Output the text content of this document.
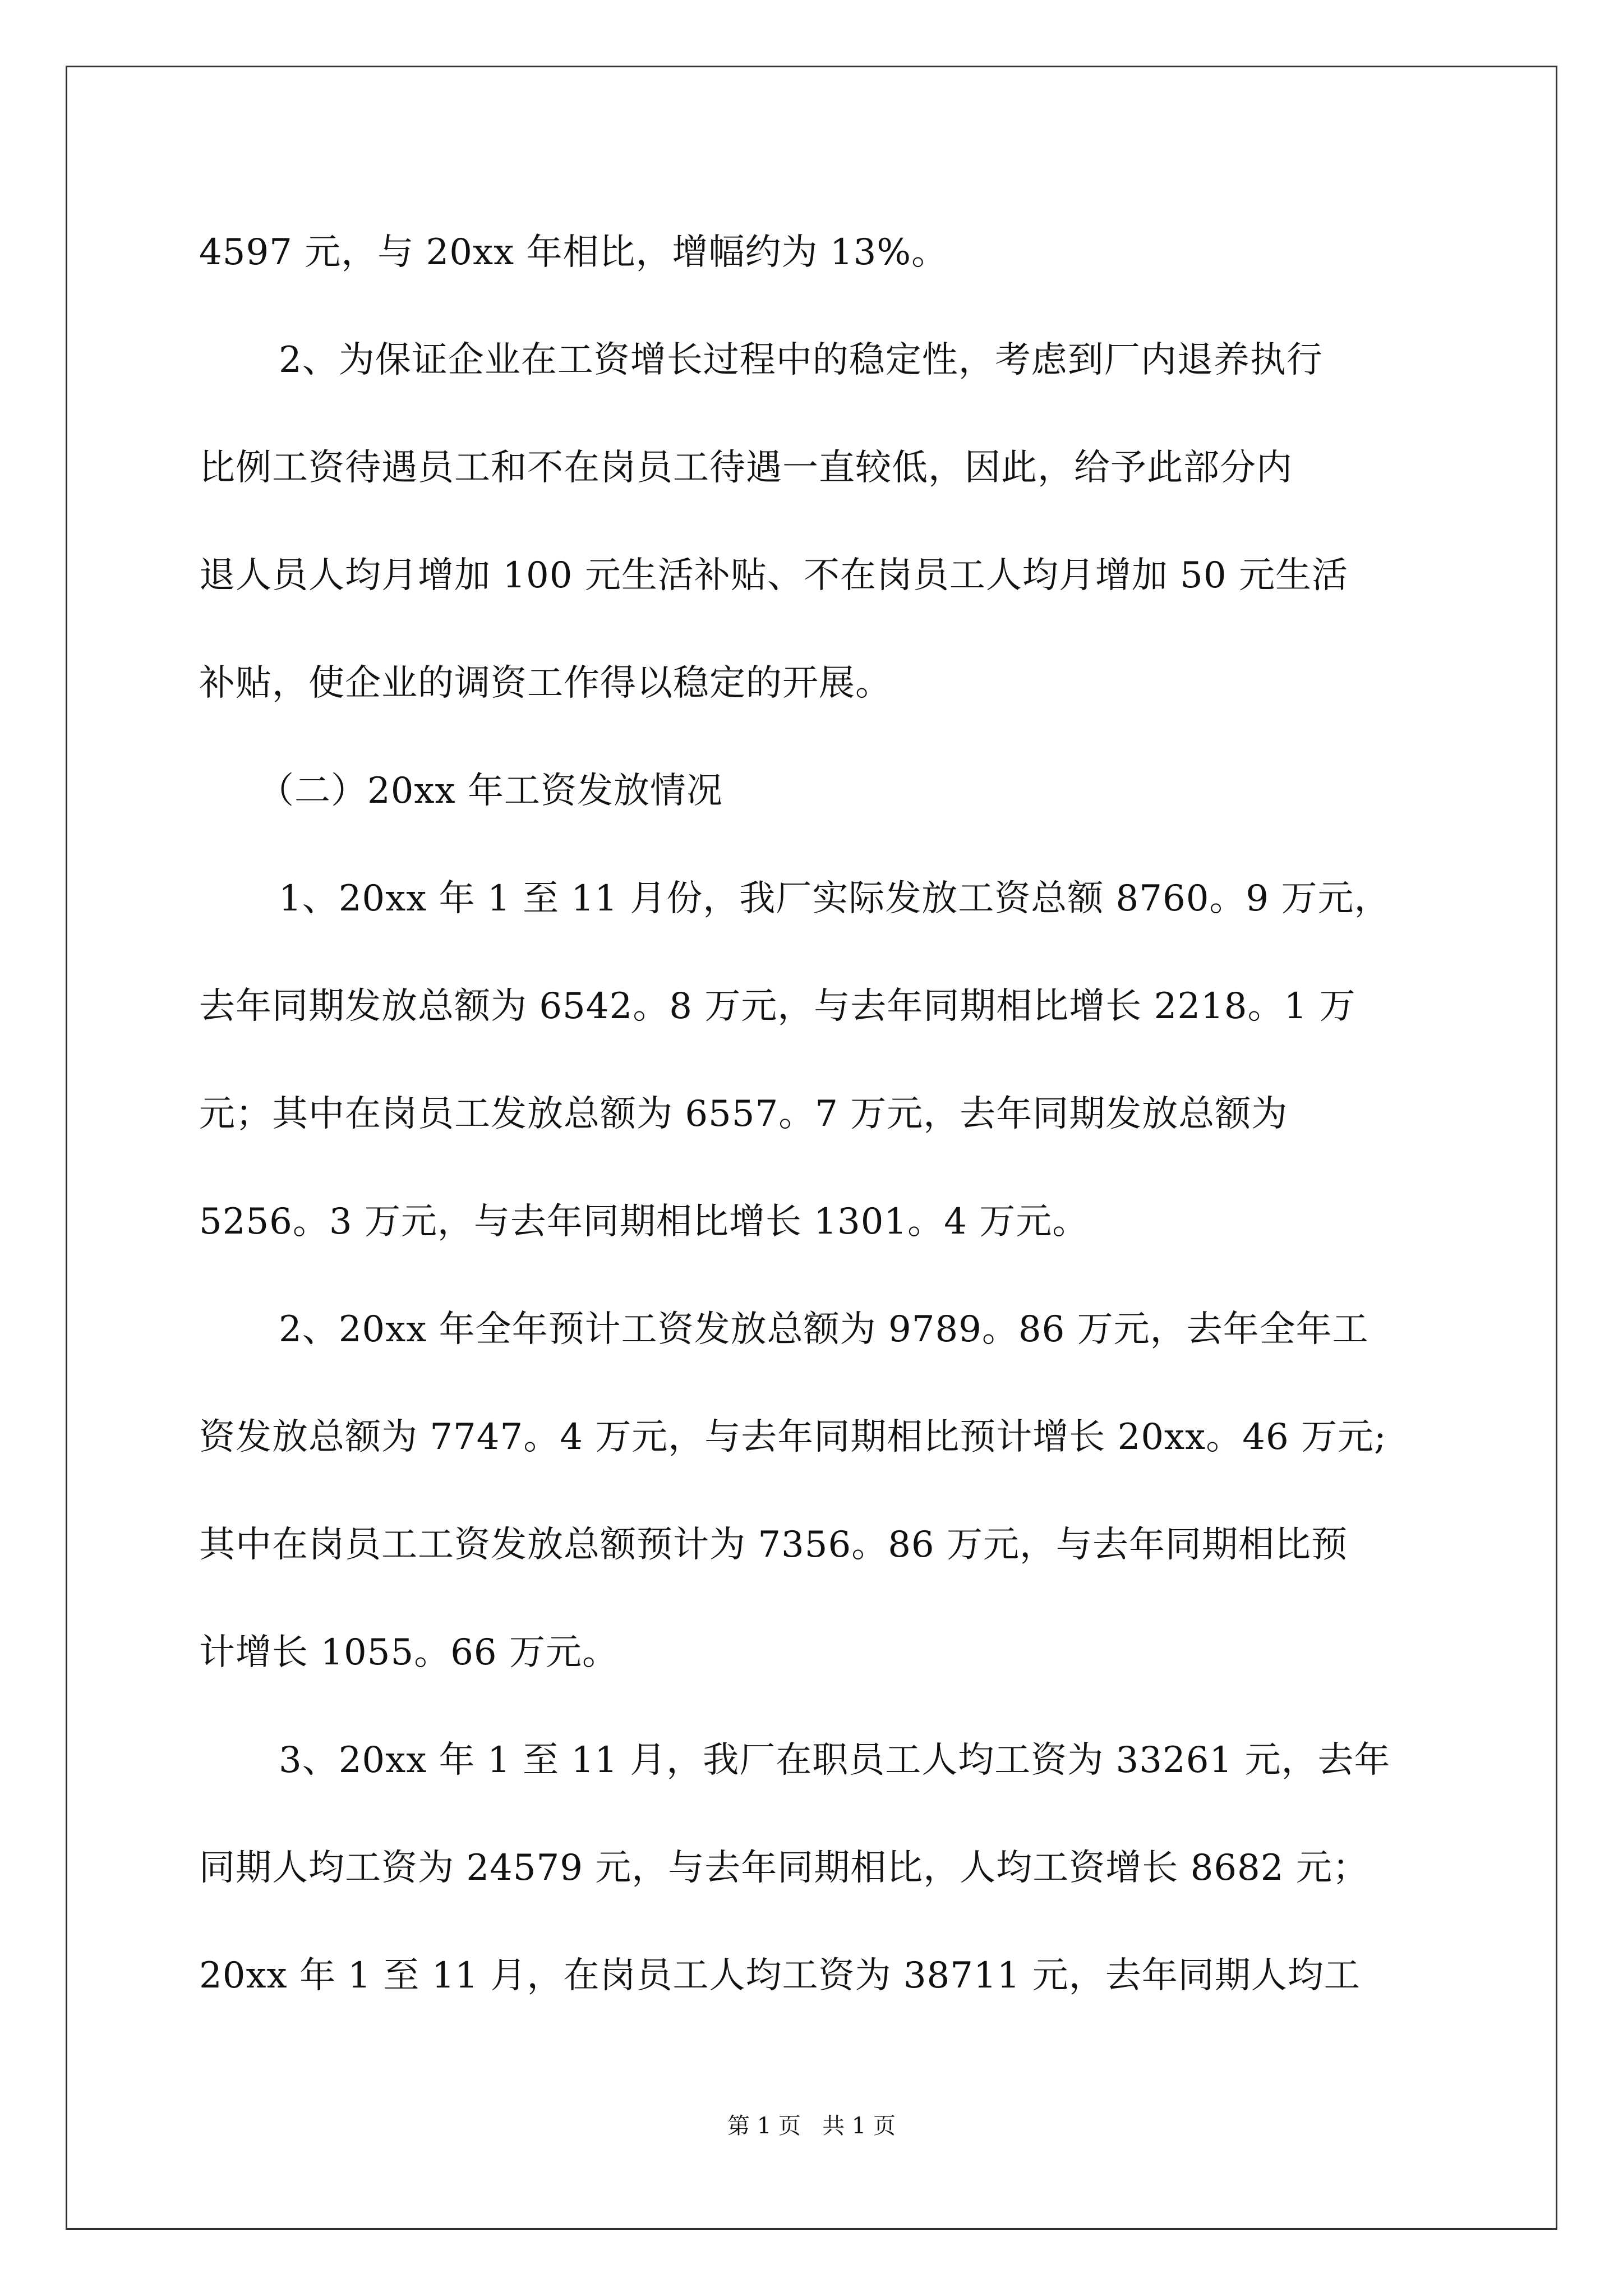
4597 元，与 20xx 年相比，增幅约为 13%。
2、为保证企业在工资增长过程中的稳定性，考虑到厂内退养执行
比例工资待遇员工和不在岗员工待遇一直较低，因此，给予此部分内
退人员人均月增加 100 元生活补贴、不在岗员工人均月增加 50 元生活
补贴，使企业的调资工作得以稳定的开展。
（二）20xx 年工资发放情况
1、20xx 年 1 至 11 月份，我厂实际发放工资总额 8760。9 万元，
去年同期发放总额为 6542。8 万元，与去年同期相比增长 2218。1 万
元；其中在岗员工发放总额为 6557。7 万元，去年同期发放总额为
5256。3 万元，与去年同期相比增长 1301。4 万元。
2、20xx 年全年预计工资发放总额为 9789。86 万元，去年全年工
资发放总额为 7747。4 万元，与去年同期相比预计增长 20xx。46 万元;
其中在岗员工工资发放总额预计为 7356。86 万元，与去年同期相比预
计增长 1055。66 万元。
3、20xx 年 1 至 11 月，我厂在职员工人均工资为 33261 元，去年
同期人均工资为 24579 元，与去年同期相比，人均工资增长 8682 元；
20xx 年 1 至 11 月，在岗员工人均工资为 38711 元，去年同期人均工
第 1 页   共 1 页
